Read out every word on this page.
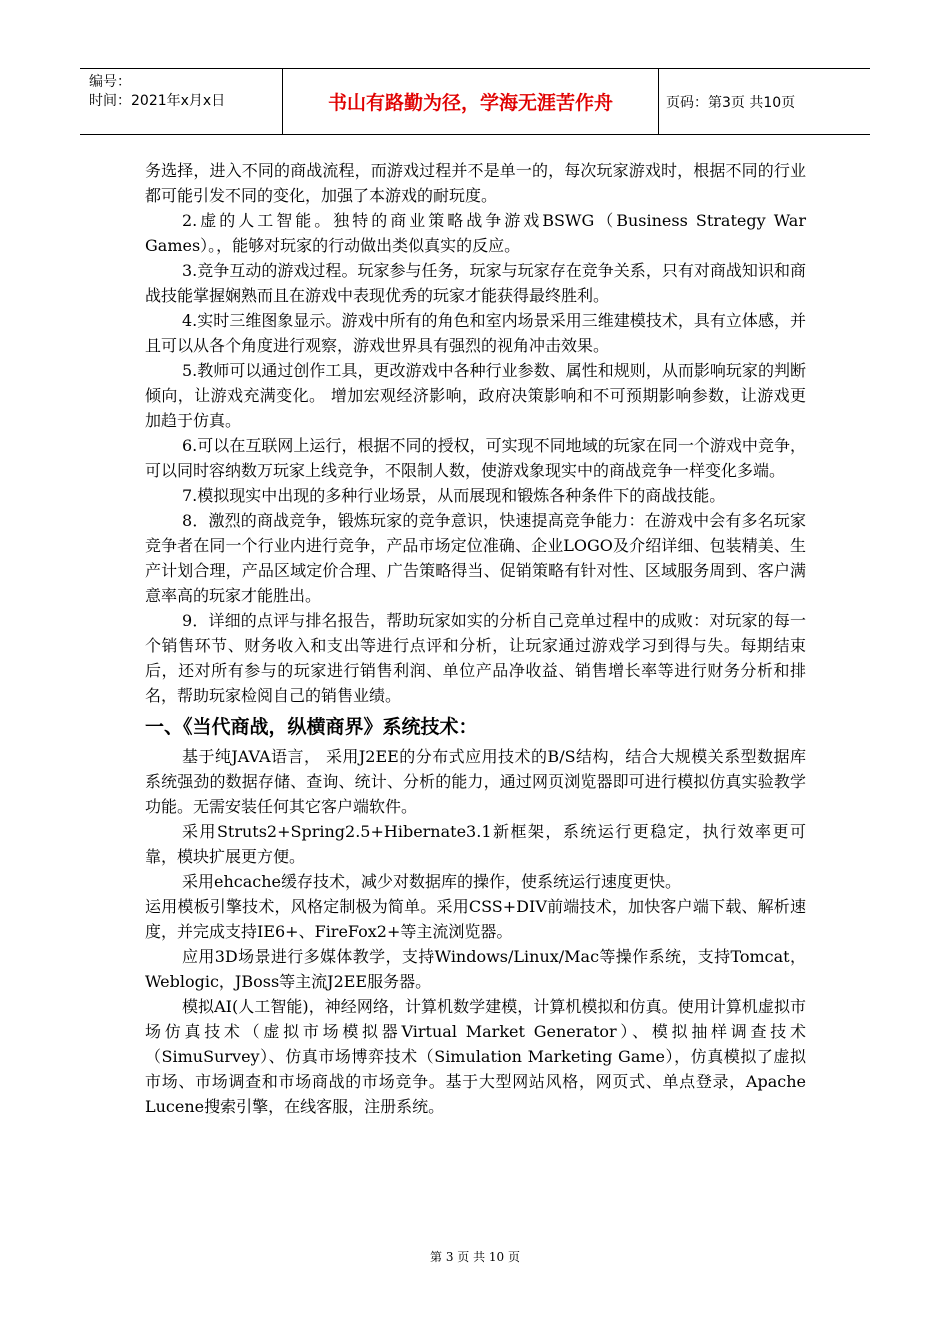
编号：
时间：2021年x月x日	书山有路勤为径，学海无涯苦作舟	页码：第3页 共10页

务选择，进入不同的商战流程，而游戏过程并不是单一的，每次玩家游戏时，根据不同的行业都可能引发不同的变化，加强了本游戏的耐玩度。

2.虚的人工智能。独特的商业策略战争游戏BSWG（Business Strategy War Games）。，能够对玩家的行动做出类似真实的反应。

3.竞争互动的游戏过程。玩家参与任务，玩家与玩家存在竞争关系，只有对商战知识和商战技能掌握娴熟而且在游戏中表现优秀的玩家才能获得最终胜利。

4.实时三维图象显示。游戏中所有的角色和室内场景采用三维建模技术，具有立体感，并且可以从各个角度进行观察，游戏世界具有强烈的视角冲击效果。

5.教师可以通过创作工具，更改游戏中各种行业参数、属性和规则，从而影响玩家的判断倾向，让游戏充满变化。 增加宏观经济影响，政府决策影响和不可预期影响参数，让游戏更加趋于仿真。

6.可以在互联网上运行，根据不同的授权，可实现不同地域的玩家在同一个游戏中竞争，可以同时容纳数万玩家上线竞争，不限制人数，使游戏象现实中的商战竞争一样变化多端。

7.模拟现实中出现的多种行业场景，从而展现和锻炼各种条件下的商战技能。

8．激烈的商战竞争，锻炼玩家的竞争意识，快速提高竞争能力：在游戏中会有多名玩家竞争者在同一个行业内进行竞争，产品市场定位准确、企业LOGO及介绍详细、包装精美、生产计划合理，产品区域定价合理、广告策略得当、促销策略有针对性、区域服务周到、客户满意率高的玩家才能胜出。

9．详细的点评与排名报告，帮助玩家如实的分析自己竞单过程中的成败：对玩家的每一个销售环节、财务收入和支出等进行点评和分析，让玩家通过游戏学习到得与失。每期结束后，还对所有参与的玩家进行销售利润、单位产品净收益、销售增长率等进行财务分析和排名，帮助玩家检阅自己的销售业绩。

一、《当代商战，纵横商界》系统技术：

基于纯JAVA语言， 采用J2EE的分布式应用技术的B/S结构，结合大规模关系型数据库系统强劲的数据存储、查询、统计、分析的能力，通过网页浏览器即可进行模拟仿真实验教学功能。无需安装任何其它客户端软件。

采用Struts2+Spring2.5+Hibernate3.1新框架，系统运行更稳定，执行效率更可靠，模块扩展更方便。

采用ehcache缓存技术，减少对数据库的操作，使系统运行速度更快。

运用模板引擎技术，风格定制极为简单。采用CSS+DIV前端技术，加快客户端下载、解析速度，并完成支持IE6+、FireFox2+等主流浏览器。

应用3D场景进行多媒体教学，支持Windows/Linux/Mac等操作系统，支持Tomcat，Weblogic，JBoss等主流J2EE服务器。

模拟AI(人工智能)，神经网络，计算机数学建模，计算机模拟和仿真。使用计算机虚拟市场仿真技术（虚拟市场模拟器Virtual Market Generator）、模拟抽样调查技术（SimuSurvey）、仿真市场博弈技术（Simulation Marketing Game），仿真模拟了虚拟市场、市场调查和市场商战的市场竞争。基于大型网站风格，网页式、单点登录，Apache Lucene搜索引擎，在线客服，注册系统。

第 3 页 共 10 页
